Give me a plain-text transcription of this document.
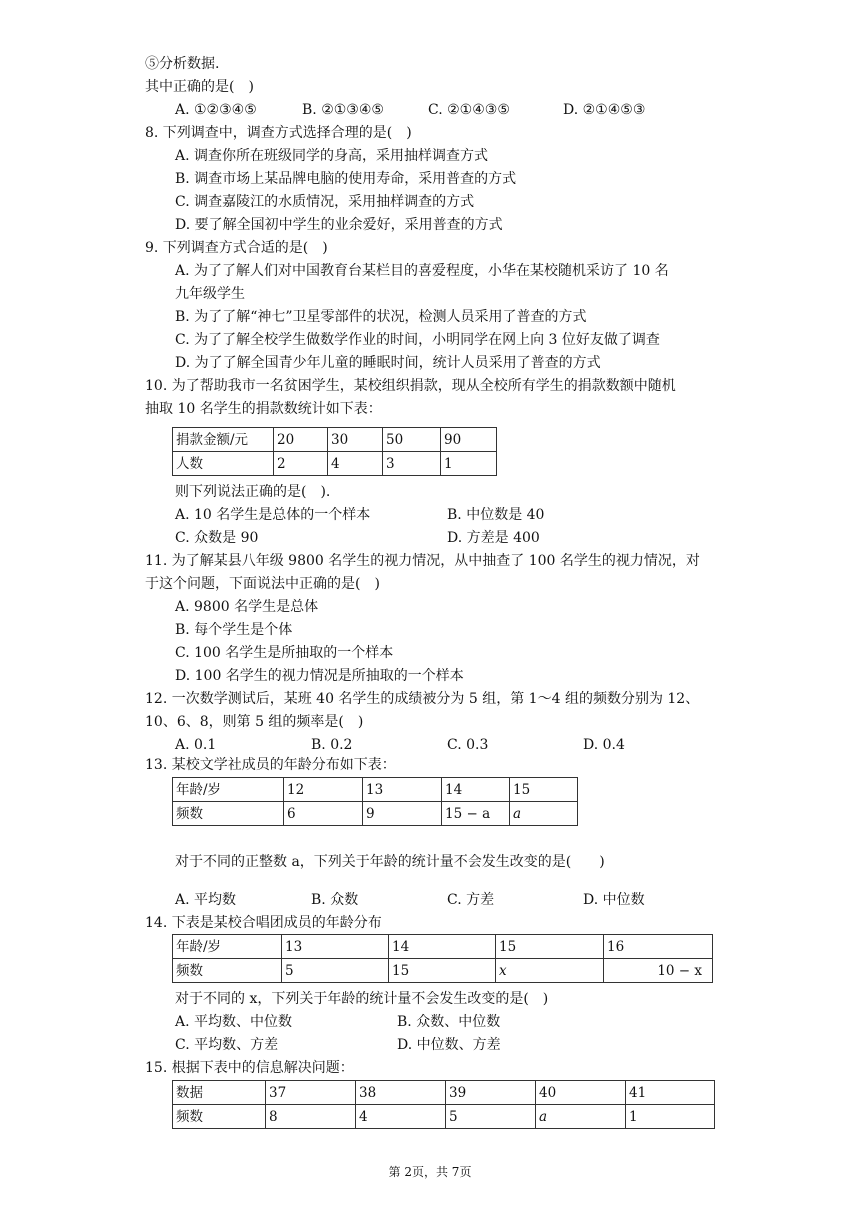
⑤分析数据.
其中正确的是(　)
A. ①②③④⑤	B. ②①③④⑤	C. ②①④③⑤	D. ②①④⑤③
8. 下列调查中，调查方式选择合理的是(　)
A. 调查你所在班级同学的身高，采用抽样调查方式
B. 调查市场上某品牌电脑的使用寿命，采用普查的方式
C. 调查嘉陵江的水质情况，采用抽样调查的方式
D. 要了解全国初中学生的业余爱好，采用普查的方式
9. 下列调查方式合适的是(　)
A. 为了了解人们对中国教育台某栏目的喜爱程度，小华在某校随机采访了 10 名
九年级学生
B. 为了了解“神七”卫星零部件的状况，检测人员采用了普查的方式
C. 为了了解全校学生做数学作业的时间，小明同学在网上向 3 位好友做了调查
D. 为了了解全国青少年儿童的睡眠时间，统计人员采用了普查的方式
10. 为了帮助我市一名贫困学生，某校组织捐款，现从全校所有学生的捐款数额中随机
抽取 10 名学生的捐款数统计如下表：
捐款金额/元	20	30	50	90
人数	2	4	3	1
则下列说法正确的是(　).
A. 10 名学生是总体的一个样本	B. 中位数是 40
C. 众数是 90	D. 方差是 400
11. 为了解某县八年级 9800 名学生的视力情况，从中抽查了 100 名学生的视力情况，对
于这个问题，下面说法中正确的是(　)
A. 9800 名学生是总体
B. 每个学生是个体
C. 100 名学生是所抽取的一个样本
D. 100 名学生的视力情况是所抽取的一个样本
12. 一次数学测试后，某班 40 名学生的成绩被分为 5 组，第 1～4 组的频数分别为 12、
10、6、8，则第 5 组的频率是(　)
A. 0.1	B. 0.2	C. 0.3	D. 0.4
13. 某校文学社成员的年龄分布如下表：
年龄/岁	12	13	14	15
频数	6	9	15 − a	a
对于不同的正整数 a，下列关于年龄的统计量不会发生改变的是(　　)
A. 平均数	B. 众数	C. 方差	D. 中位数
14. 下表是某校合唱团成员的年龄分布
年龄/岁	13	14	15	16
频数	5	15	x	10 − x
对于不同的 x，下列关于年龄的统计量不会发生改变的是(　)
A. 平均数、中位数	B. 众数、中位数
C. 平均数、方差	D. 中位数、方差
15. 根据下表中的信息解决问题：
数据	37	38	39	40	41
频数	8	4	5	a	1
第 2页，共 7页
